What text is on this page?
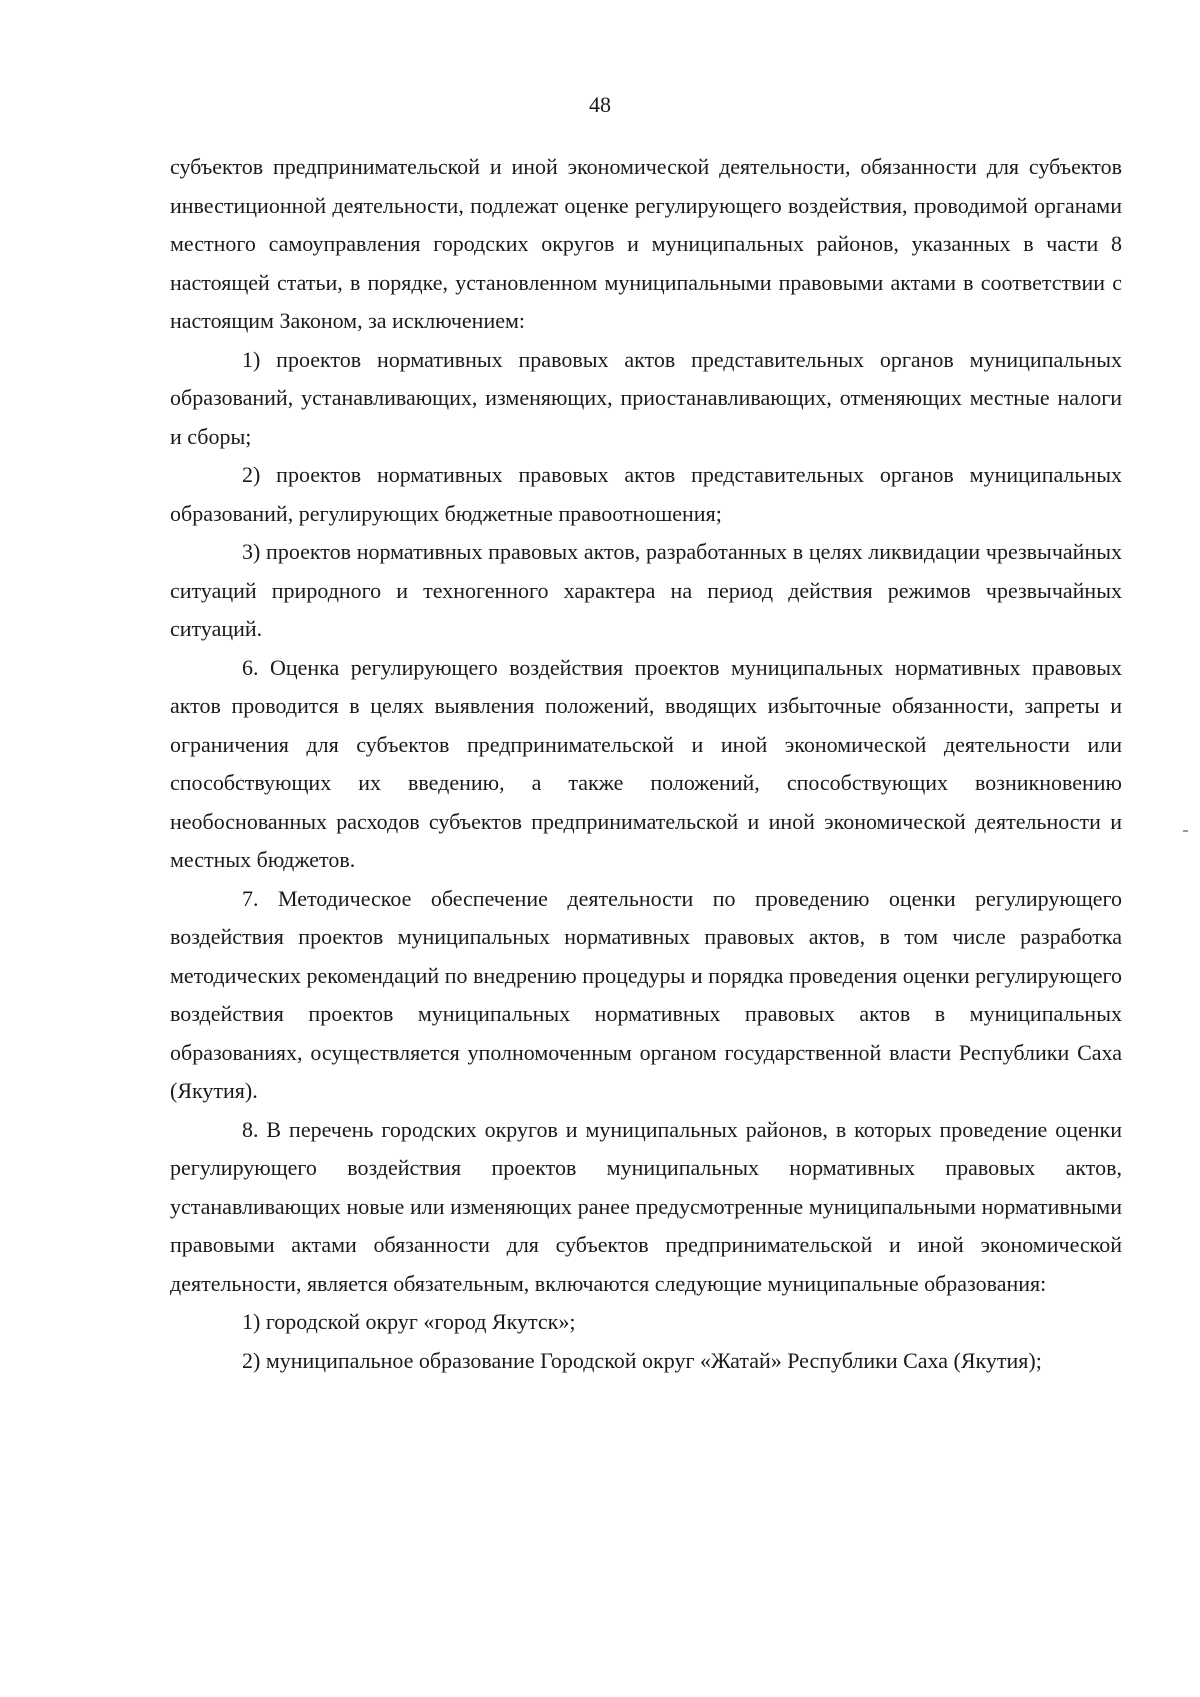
48

субъектов предпринимательской и иной экономической деятельности, обязанности для субъектов инвестиционной деятельности, подлежат оценке регулирующего воздействия, проводимой органами местного самоуправления городских округов и муниципальных районов, указанных в части 8 настоящей статьи, в порядке, установленном муниципальными правовыми актами в соответствии с настоящим Законом, за исключением:

1) проектов нормативных правовых актов представительных органов муниципальных образований, устанавливающих, изменяющих, приостанавливающих, отменяющих местные налоги и сборы;

2) проектов нормативных правовых актов представительных органов муниципальных образований, регулирующих бюджетные правоотношения;

3) проектов нормативных правовых актов, разработанных в целях ликвидации чрезвычайных ситуаций природного и техногенного характера на период действия режимов чрезвычайных ситуаций.

6. Оценка регулирующего воздействия проектов муниципальных нормативных правовых актов проводится в целях выявления положений, вводящих избыточные обязанности, запреты и ограничения для субъектов предпринимательской и иной экономической деятельности или способствующих их введению, а также положений, способствующих возникновению необоснованных расходов субъектов предпринимательской и иной экономической деятельности и местных бюджетов.

7. Методическое обеспечение деятельности по проведению оценки регулирующего воздействия проектов муниципальных нормативных правовых актов, в том числе разработка методических рекомендаций по внедрению процедуры и порядка проведения оценки регулирующего воздействия проектов муниципальных нормативных правовых актов в муниципальных образованиях, осуществляется уполномоченным органом государственной власти Республики Саха (Якутия).

8. В перечень городских округов и муниципальных районов, в которых проведение оценки регулирующего воздействия проектов муниципальных нормативных правовых актов, устанавливающих новые или изменяющих ранее предусмотренные муниципальными нормативными правовыми актами обязанности для субъектов предпринимательской и иной экономической деятельности, является обязательным, включаются следующие муниципальные образования:

1) городской округ «город Якутск»;

2) муниципальное образование Городской округ «Жатай» Республики Саха (Якутия);
